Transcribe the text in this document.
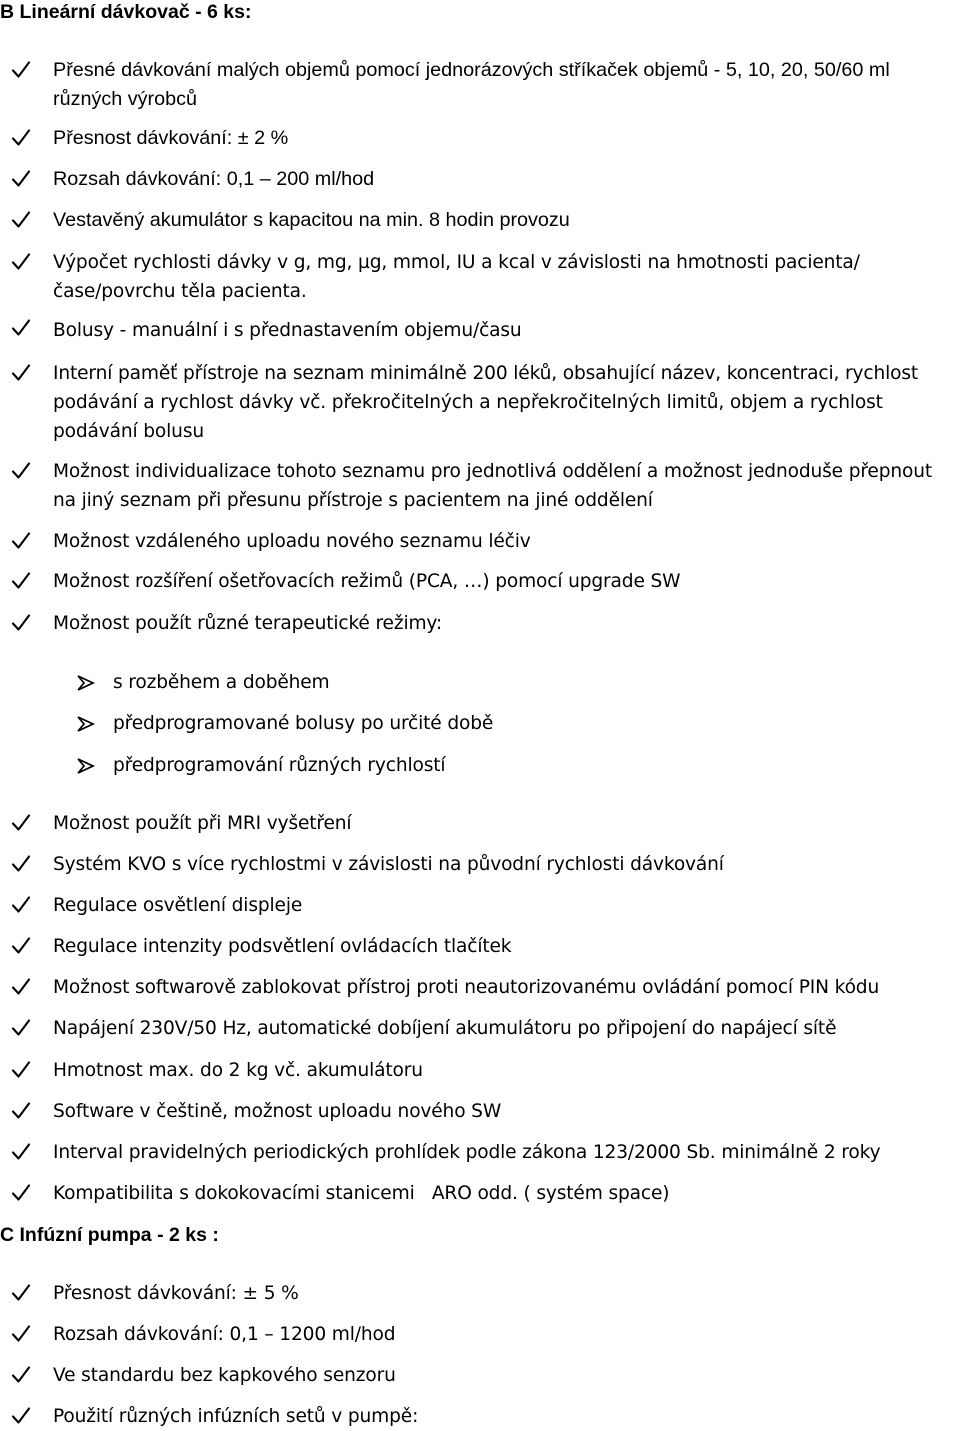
B Lineární dávkovač - 6 ks:
Přesné dávkování malých objemů pomocí jednorázových stříkaček objemů - 5, 10, 20, 50/60 ml různých výrobců
Přesnost dávkování: ± 2 %
Rozsah dávkování: 0,1 – 200 ml/hod
Vestavěný akumulátor s kapacitou na min. 8 hodin provozu
Výpočet rychlosti dávky v g, mg, µg, mmol, IU a kcal v závislosti na hmotnosti pacienta/čase/povrchu těla pacienta.
Bolusy - manuální i s přednastavením objemu/času
Interní paměť přístroje na seznam minimálně 200 léků, obsahující název, koncentraci, rychlost podávání a rychlost dávky vč. překročitelných a nepřekročitelných limitů, objem a rychlost podávání bolusu
Možnost individualizace tohoto seznamu pro jednotlivá oddělení a možnost jednoduše přepnout na jiný seznam při přesunu přístroje s pacientem na jiné oddělení
Možnost vzdáleného uploadu nového seznamu léčiv
Možnost rozšíření ošetřovacích režimů (PCA, …) pomocí upgrade SW
Možnost použít různé terapeutické režimy:
s rozběhem a doběhem
předprogramované bolusy po určité době
předprogramování různých rychlostí
Možnost použít při MRI vyšetření
Systém KVO s více rychlostmi v závislosti na původní rychlosti dávkování
Regulace osvětlení displeje
Regulace intenzity podsvětlení ovládacích tlačítek
Možnost softwarově zablokovat přístroj proti neautorizovanému ovládání pomocí PIN kódu
Napájení 230V/50 Hz, automatické dobíjení akumulátoru po připojení do napájecí sítě
Hmotnost max. do 2 kg vč. akumulátoru
Software v češtině, možnost uploadu nového SW
Interval pravidelných periodických prohlídek podle zákona 123/2000 Sb. minimálně 2 roky
Kompatibilita s dokokovacími stanicemi   ARO odd. ( systém space)
C Infúzní pumpa - 2 ks :
Přesnost dávkování: ± 5 %
Rozsah dávkování: 0,1 – 1200 ml/hod
Ve standardu bez kapkového senzoru
Použití různých infúzních setů v pumpě:
